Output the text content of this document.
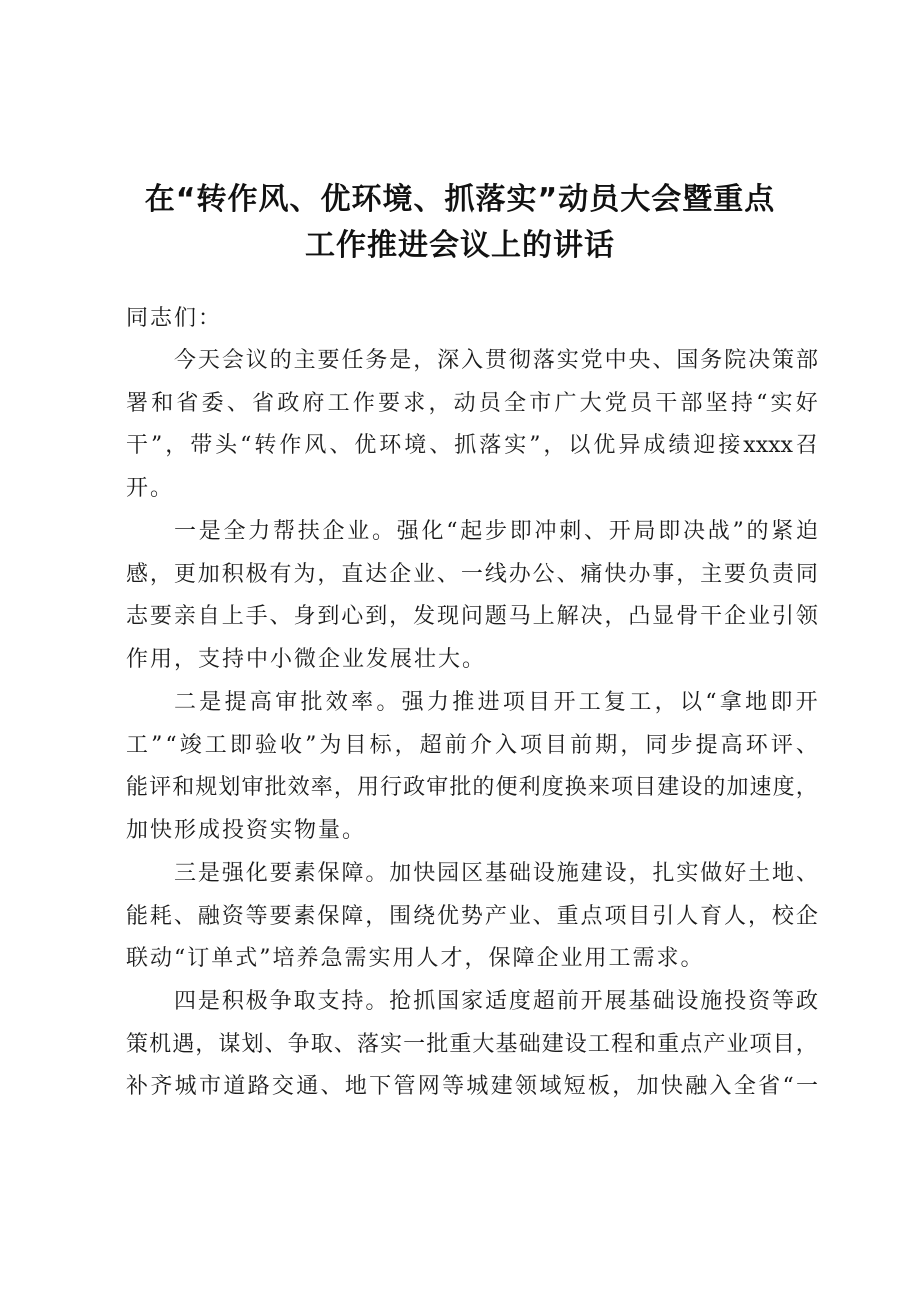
在“转作风、优环境、抓落实”动员大会暨重点
工作推进会议上的讲话
同志们：
今 天 会 议 的 主 要 任 务 是 ， 深 入 贯 彻 落 实 党 中 央 、 国 务 院 决 策 部
署 和 省 委 、 省 政 府 工 作 要 求 ， 动 员 全 市 广 大 党 员 干 部 坚 持 “ 实 好
干 ” ， 带 头 “ 转 作 风 、 优 环 境 、 抓 落 实 ” ， 以 优 异 成 绩 迎 接 xxxx 召
开。
一 是 全 力 帮 扶 企 业 。 强 化 “ 起 步 即 冲 刺 、 开 局 即 决 战 ” 的 紧 迫
感 ， 更 加 积 极 有 为 ， 直 达 企 业 、 一 线 办 公 、 痛 快 办 事 ， 主 要 负 责 同
志 要 亲 自 上 手 、 身 到 心 到 ， 发 现 问 题 马 上 解 决 ， 凸 显 骨 干 企 业 引 领
作用，支持中小微企业发展壮大。
二 是 提 高 审 批 效 率 。 强 力 推 进 项 目 开 工 复 工 ， 以 “ 拿 地 即 开
工 ” “ 竣 工 即 验 收 ” 为 目 标 ， 超 前 介 入 项 目 前 期 ， 同 步 提 高 环 评 、
能 评 和 规 划 审 批 效 率 ， 用 行 政 审 批 的 便 利 度 换 来 项 目 建 设 的 加 速 度 ，
加快形成投资实物量。
三 是 强 化 要 素 保 障 。 加 快 园 区 基 础 设 施 建 设 ， 扎 实 做 好 土 地 、
能 耗 、 融 资 等 要 素 保 障 ， 围 绕 优 势 产 业 、 重 点 项 目 引 人 育 人 ， 校 企
联动“订单式”培养急需实用人才，保障企业用工需求。
四 是 积 极 争 取 支 持 。 抢 抓 国 家 适 度 超 前 开 展 基 础 设 施 投 资 等 政
策 机 遇 ， 谋 划 、 争 取 、 落 实 一 批 重 大 基 础 建 设 工 程 和 重 点 产 业 项 目 ，
补 齐 城 市 道 路 交 通 、 地 下 管 网 等 城 建 领 域 短 板 ， 加 快 融 入 全 省 “ 一
